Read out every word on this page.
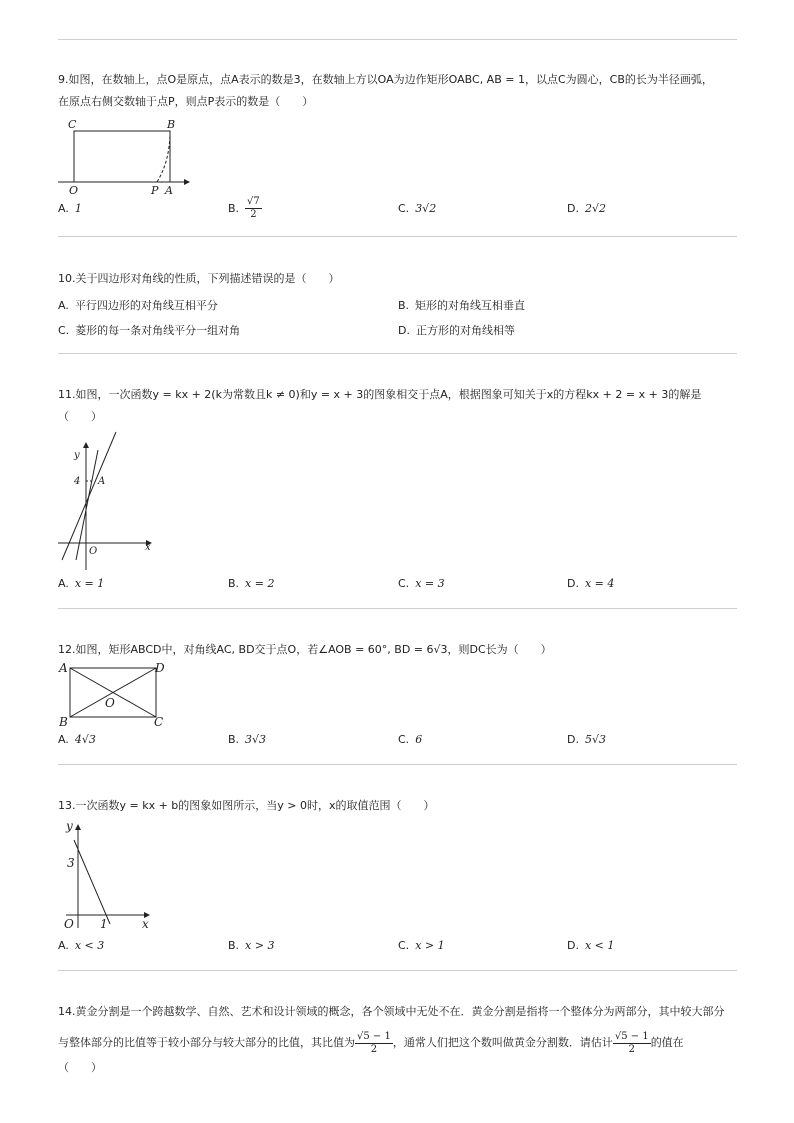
9.如图，在数轴上，点O是原点，点A表示的数是3，在数轴上方以OA为边作矩形OABC, AB = 1，以点C为圆心，CB的长为半径画弧，
在原点右侧交数轴于点P，则点P表示的数是（　　）
C	B
O	P A
A. 1	B. $\frac{√7}{2}$	C. 3√2	D. 2√2
10.关于四边形对角线的性质，下列描述错误的是（　　）
A. 平行四边形的对角线互相平分	B. 矩形的对角线互相垂直
C. 菱形的每一条对角线平分一组对角	D. 正方形的对角线相等
11.如图，一次函数y = kx + 2(k为常数且k ≠ 0)和y = x + 3的图象相交于点A，根据图象可知关于x的方程kx + 2 = x + 3的解是
（　　）
y
4 A
O	x
A. x = 1	B. x = 2	C. x = 3	D. x = 4
12.如图，矩形ABCD中，对角线AC, BD交于点O，若∠AOB = 60°, BD = 6√3，则DC长为（　　）
A	D
O
B	C
A. 4√3	B. 3√3	C. 6	D. 5√3
13.一次函数y = kx + b的图象如图所示，当y > 0时，x的取值范围（　　）
y
3
O 1	x
A. x < 3	B. x > 3	C. x > 1	D. x < 1
14.黄金分割是一个跨越数学、自然、艺术和设计领域的概念，各个领域中无处不在．黄金分割是指将一个整体分为两部分，其中较大部分
与整体部分的比值等于较小部分与较大部分的比值，其比值为 $\frac{√5 - 1}{2}$ ，通常人们把这个数叫做黄金分割数．请估计 $\frac{√5 - 1}{2}$ 的值在
（　　）
